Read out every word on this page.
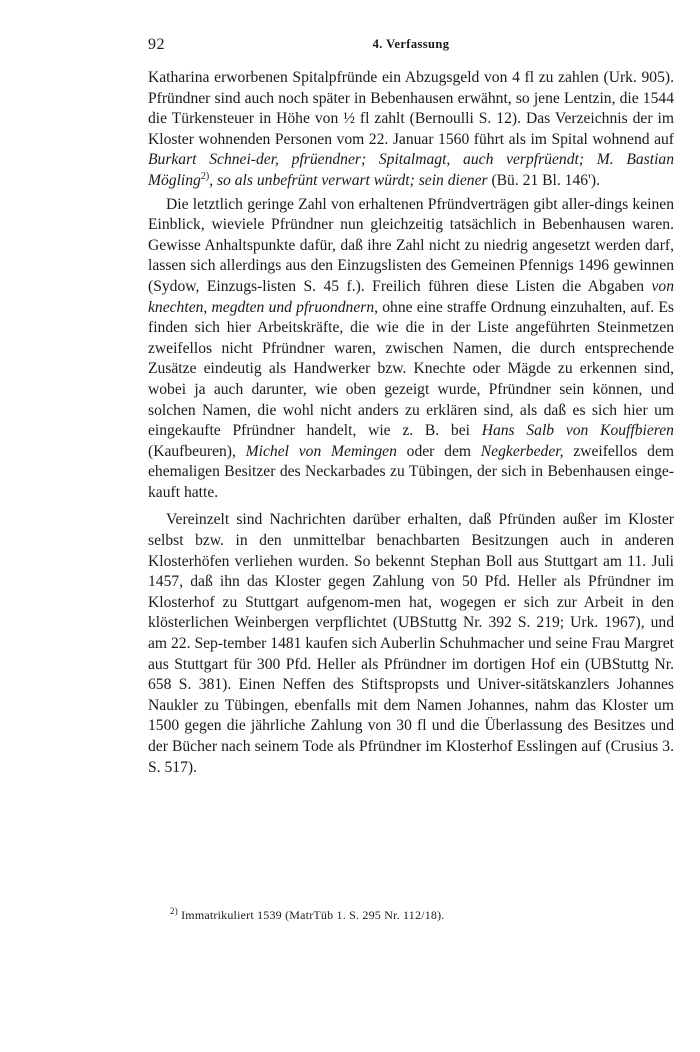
92	4. Verfassung

Katharina erworbenen Spitalpfründe ein Abzugsgeld von 4 fl zu zahlen (Urk. 905). Pfründner sind auch noch später in Bebenhausen erwähnt, so jene Lentzin, die 1544 die Türkensteuer in Höhe von ½ fl zahlt (Bernoulli S. 12). Das Verzeichnis der im Kloster wohnenden Personen vom 22. Januar 1560 führt als im Spital wohnend auf Burkart Schnei-der, pfrüendner; Spitalmagt, auch verpfrüendt; M. Bastian Mögling$^{2)}$, so als unbefrünt verwart würdt; sein diener (Bü. 21 Bl. 146').

Die letztlich geringe Zahl von erhaltenen Pfründverträgen gibt aller-dings keinen Einblick, wieviele Pfründner nun gleichzeitig tatsächlich in Bebenhausen waren. Gewisse Anhaltspunkte dafür, daß ihre Zahl nicht zu niedrig angesetzt werden darf, lassen sich allerdings aus den Einzugslisten des Gemeinen Pfennigs 1496 gewinnen (Sydow, Einzugs-listen S. 45 f.). Freilich führen diese Listen die Abgaben von knechten, megdten und pfruondnern, ohne eine straffe Ordnung einzuhalten, auf. Es finden sich hier Arbeitskräfte, die wie die in der Liste angeführten Steinmetzen zweifellos nicht Pfründner waren, zwischen Namen, die durch entsprechende Zusätze eindeutig als Handwerker bzw. Knechte oder Mägde zu erkennen sind, wobei ja auch darunter, wie oben gezeigt wurde, Pfründner sein können, und solchen Namen, die wohl nicht anders zu erklären sind, als daß es sich hier um eingekaufte Pfründner handelt, wie z. B. bei Hans Salb von Kouffbieren (Kaufbeuren), Michel von Memingen oder dem Negkerbeder, zweifellos dem ehemaligen Besitzer des Neckarbades zu Tübingen, der sich in Bebenhausen einge-kauft hatte.

Vereinzelt sind Nachrichten darüber erhalten, daß Pfründen außer im Kloster selbst bzw. in den unmittelbar benachbarten Besitzungen auch in anderen Klosterhöfen verliehen wurden. So bekennt Stephan Boll aus Stuttgart am 11. Juli 1457, daß ihn das Kloster gegen Zahlung von 50 Pfd. Heller als Pfründner im Klosterhof zu Stuttgart aufgenom-men hat, wogegen er sich zur Arbeit in den klösterlichen Weinbergen verpflichtet (UBStuttg Nr. 392 S. 219; Urk. 1967), und am 22. Sep-tember 1481 kaufen sich Auberlin Schuhmacher und seine Frau Margret aus Stuttgart für 300 Pfd. Heller als Pfründner im dortigen Hof ein (UBStuttg Nr. 658 S. 381). Einen Neffen des Stiftspropsts und Univer-sitätskanzlers Johannes Naukler zu Tübingen, ebenfalls mit dem Namen Johannes, nahm das Kloster um 1500 gegen die jährliche Zahlung von 30 fl und die Überlassung des Besitzes und der Bücher nach seinem Tode als Pfründner im Klosterhof Esslingen auf (Crusius 3. S. 517).

$^{2)}$ Immatrikuliert 1539 (MatrTüb 1. S. 295 Nr. 112/18).
